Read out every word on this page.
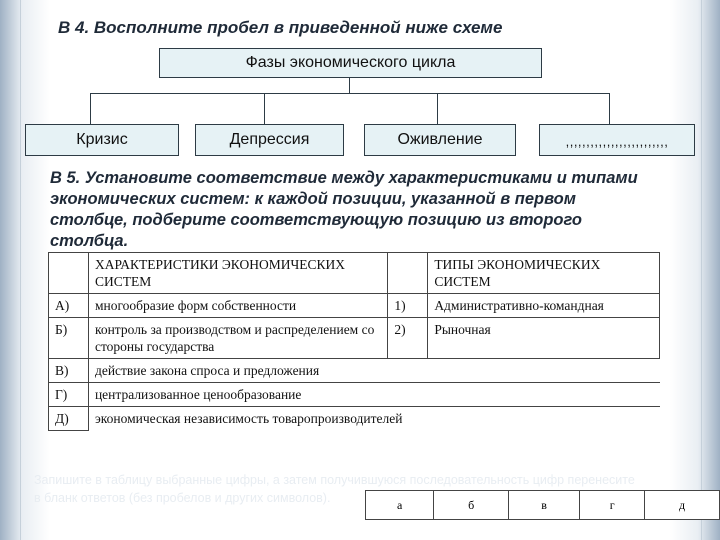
В 4. Восполните пробел в приведенной ниже схеме
Фазы экономического цикла
Кризис	Депрессия	Оживление	,,,,,,,,,,,,,,,,,,,,,,,,,
В 5. Установите соответствие между характеристиками и типами экономических систем: к каждой позиции, указанной в первом столбце, подберите соответствующую позицию из второго столбца.
	ХАРАКТЕРИСТИКИ ЭКОНОМИЧЕСКИХ СИСТЕМ		ТИПЫ ЭКОНОМИЧЕСКИХ СИСТЕМ
А)	многообразие форм собственности	1)	Административно-командная
Б)	контроль за производством и распределением со стороны государства	2)	Рыночная
В)	действие закона спроса и предложения		
Г)	централизованное ценообразование		
Д)	экономическая независимость товаропроизводителей		
Запишите в таблицу выбранные цифры, а затем получившуюся последовательность цифр перенесите
в бланк ответов (без пробелов и других символов).	а	б	в	г	д
